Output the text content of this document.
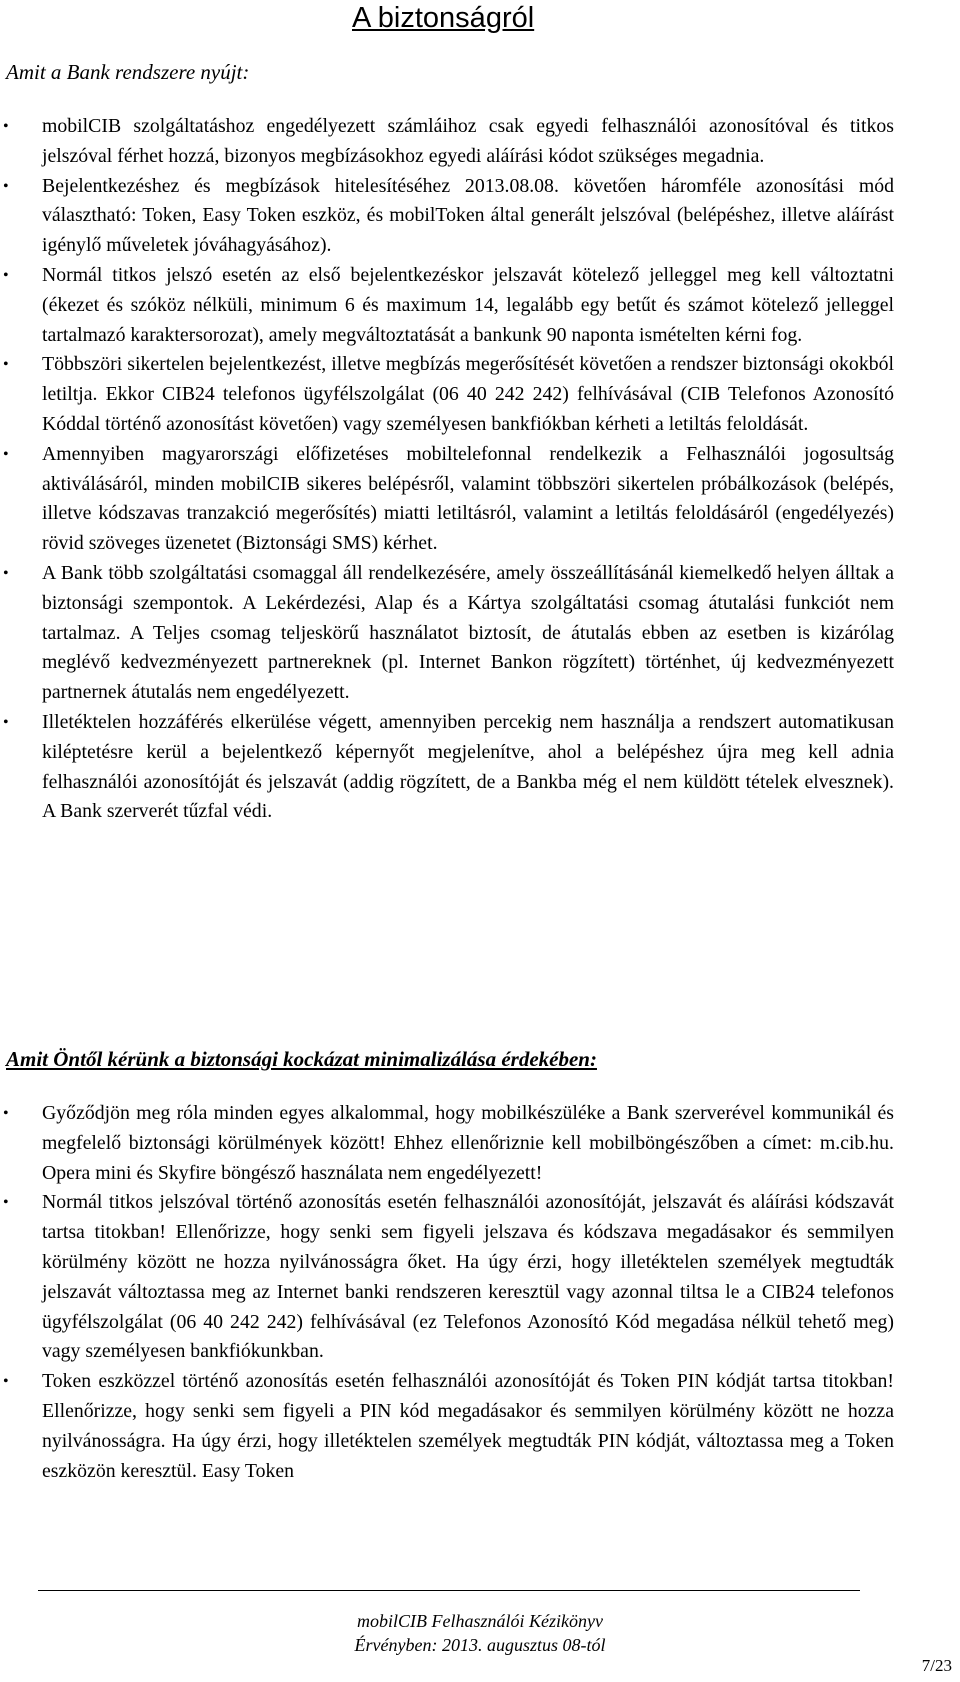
A biztonságról
Amit a Bank rendszere nyújt:
• mobilCIB szolgáltatáshoz engedélyezett számláihoz csak egyedi felhasználói azonosítóval és titkos jelszóval férhet hozzá, bizonyos megbízásokhoz egyedi aláírási kódot szükséges megadnia.
• Bejelentkezéshez és megbízások hitelesítéséhez 2013.08.08. követően háromféle azonosítási mód választható: Token, Easy Token eszköz, és mobilToken által generált jelszóval (belépéshez, illetve aláírást igénylő műveletek jóváhagyásához).
• Normál titkos jelszó esetén az első bejelentkezéskor jelszavát kötelező jelleggel meg kell változtatni (ékezet és szóköz nélküli, minimum 6 és maximum 14, legalább egy betűt és számot kötelező jelleggel tartalmazó karaktersorozat), amely megváltoztatását a bankunk 90 naponta ismételten kérni fog.
• Többszöri sikertelen bejelentkezést, illetve megbízás megerősítését követően a rendszer biztonsági okokból letiltja. Ekkor CIB24 telefonos ügyfélszolgálat (06 40 242 242) felhívásával (CIB Telefonos Azonosító Kóddal történő azonosítást követően) vagy személyesen bankfiókban kérheti a letiltás feloldását.
• Amennyiben magyarországi előfizetéses mobiltelefonnal rendelkezik a Felhasználói jogosultság aktiválásáról, minden mobilCIB sikeres belépésről, valamint többszöri sikertelen próbálkozások (belépés, illetve kódszavas tranzakció megerősítés) miatti letiltásról, valamint a letiltás feloldásáról (engedélyezés) rövid szöveges üzenetet (Biztonsági SMS) kérhet.
• A Bank több szolgáltatási csomaggal áll rendelkezésére, amely összeállításánál kiemelkedő helyen álltak a biztonsági szempontok. A Lekérdezési, Alap és a Kártya szolgáltatási csomag átutalási funkciót nem tartalmaz. A Teljes csomag teljeskörű használatot biztosít, de átutalás ebben az esetben is kizárólag meglévő kedvezményezett partnereknek (pl. Internet Bankon rögzített) történhet, új kedvezményezett partnernek átutalás nem engedélyezett.
• Illetéktelen hozzáférés elkerülése végett, amennyiben percekig nem használja a rendszert automatikusan kiléptetésre kerül a bejelentkező képernyőt megjelenítve, ahol a belépéshez újra meg kell adnia felhasználói azonosítóját és jelszavát (addig rögzített, de a Bankba még el nem küldött tételek elvesznek). A Bank szerverét tűzfal védi.
Amit Öntől kérünk a biztonsági kockázat minimalizálása érdekében:
• Győződjön meg róla minden egyes alkalommal, hogy mobilkészüléke a Bank szerverével kommunikál és megfelelő biztonsági körülmények között! Ehhez ellenőriznie kell mobilböngészőben a címet: m.cib.hu. Opera mini és Skyfire böngésző használata nem engedélyezett!
• Normál titkos jelszóval történő azonosítás esetén felhasználói azonosítóját, jelszavát és aláírási kódszavát tartsa titokban! Ellenőrizze, hogy senki sem figyeli jelszava és kódszava megadásakor és semmilyen körülmény között ne hozza nyilvánosságra őket. Ha úgy érzi, hogy illetéktelen személyek megtudták jelszavát változtassa meg az Internet banki rendszeren keresztül vagy azonnal tiltsa le a CIB24 telefonos ügyfélszolgálat (06 40 242 242) felhívásával (ez Telefonos Azonosító Kód megadása nélkül tehető meg) vagy személyesen bankfiókunkban.
• Token eszközzel történő azonosítás esetén felhasználói azonosítóját és Token PIN kódját tartsa titokban! Ellenőrizze, hogy senki sem figyeli a PIN kód megadásakor és semmilyen körülmény között ne hozza nyilvánosságra. Ha úgy érzi, hogy illetéktelen személyek megtudták PIN kódját, változtassa meg a Token eszközön keresztül. Easy Token
mobilCIB Felhasználói Kézikönyv
Érvényben: 2013. augusztus 08-tól
7/23
